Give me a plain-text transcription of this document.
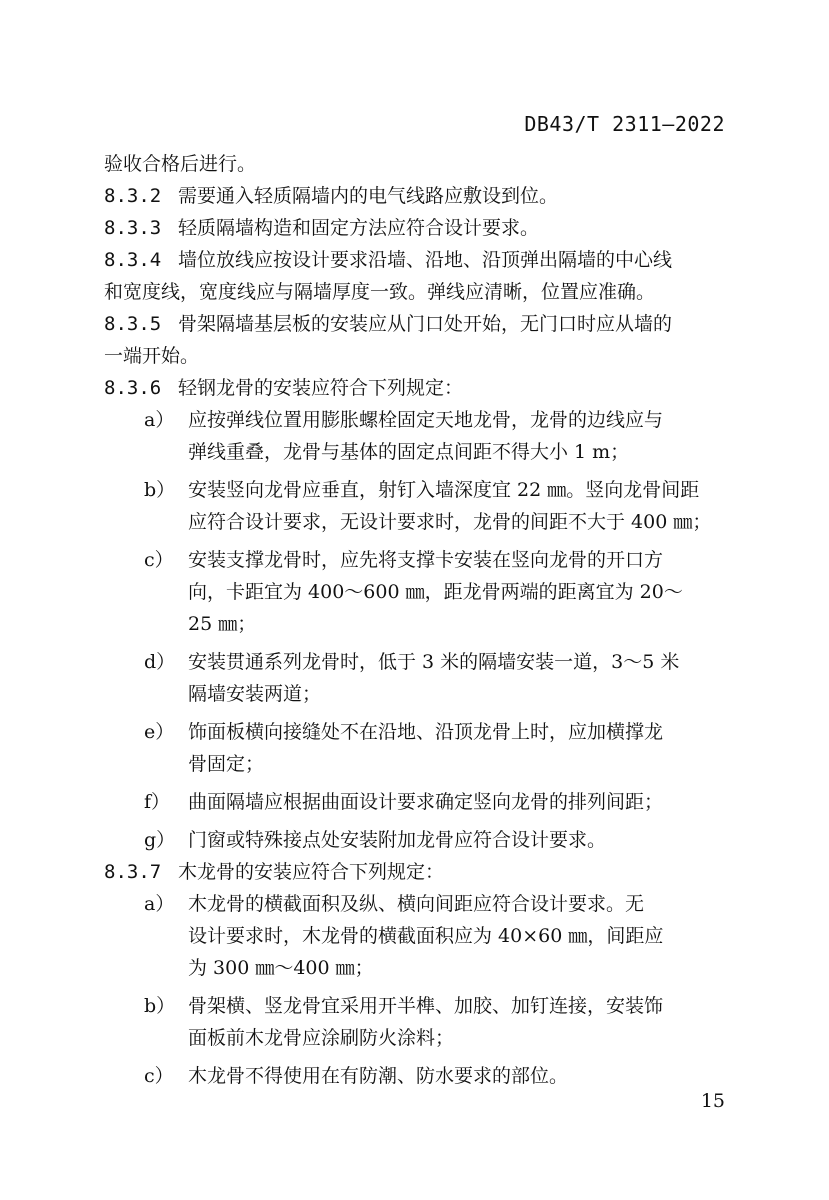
DB43/T 2311—2022
验收合格后进行。
8.3.2 需要通入轻质隔墙内的电气线路应敷设到位。
8.3.3 轻质隔墙构造和固定方法应符合设计要求。
8.3.4 墙位放线应按设计要求沿墙、沿地、沿顶弹出隔墙的中心线
和宽度线，宽度线应与隔墙厚度一致。弹线应清晰，位置应准确。
8.3.5 骨架隔墙基层板的安装应从门口处开始，无门口时应从墙的
一端开始。
8.3.6 轻钢龙骨的安装应符合下列规定：
a） 应按弹线位置用膨胀螺栓固定天地龙骨，龙骨的边线应与
弹线重叠，龙骨与基体的固定点间距不得大小 1 m；
b） 安装竖向龙骨应垂直，射钉入墙深度宜 22 ㎜。竖向龙骨间距
应符合设计要求，无设计要求时，龙骨的间距不大于 400 ㎜；
c） 安装支撑龙骨时，应先将支撑卡安装在竖向龙骨的开口方
向，卡距宜为 400～600 ㎜，距龙骨两端的距离宜为 20～
25 ㎜；
d） 安装贯通系列龙骨时，低于 3 米的隔墙安装一道，3～5 米
隔墙安装两道；
e） 饰面板横向接缝处不在沿地、沿顶龙骨上时，应加横撑龙
骨固定；
f） 曲面隔墙应根据曲面设计要求确定竖向龙骨的排列间距；
g） 门窗或特殊接点处安装附加龙骨应符合设计要求。
8.3.7 木龙骨的安装应符合下列规定：
a） 木龙骨的横截面积及纵、横向间距应符合设计要求。无
设计要求时，木龙骨的横截面积应为 40×60 ㎜，间距应
为 300 ㎜～400 ㎜；
b） 骨架横、竖龙骨宜采用开半榫、加胶、加钉连接，安装饰
面板前木龙骨应涂刷防火涂料；
c） 木龙骨不得使用在有防潮、防水要求的部位。
15
